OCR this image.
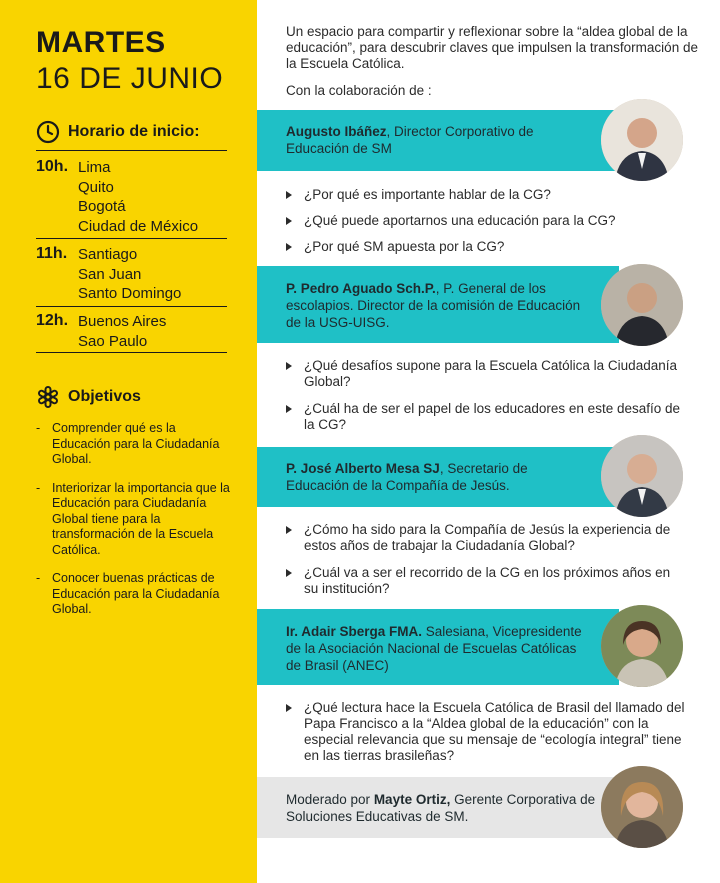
MARTES
16 DE JUNIO
Horario de inicio:
10h. Lima
Quito
Bogotá
Ciudad de México
11h. Santiago
San Juan
Santo Domingo
12h. Buenos Aires
Sao Paulo
Objetivos
- Comprender qué es la Educación para la Ciudadanía Global.
- Interiorizar la importancia que la Educación para Ciudadanía Global tiene para la transformación de la Escuela Católica.
- Conocer buenas prácticas de Educación para la Ciudadanía Global.
Un espacio para compartir y reflexionar sobre la “aldea global de la educación”, para descubrir claves que impulsen la transformación de la Escuela Católica.
Con la colaboración de :
Augusto Ibáñez, Director Corporativo de Educación de SM
¿Por qué es importante hablar de la CG?
¿Qué puede aportarnos una educación para la CG?
¿Por qué SM apuesta por la CG?
P. Pedro Aguado Sch.P., P. General de los escolapios. Director de la comisión de Educación de la USG-UISG.
¿Qué desafíos supone para la Escuela Católica la Ciudadanía Global?
¿Cuál ha de ser el papel de los educadores en este desafío de la CG?
P. José Alberto Mesa SJ, Secretario de Educación de la Compañía de Jesús.
¿Cómo ha sido para la Compañía de Jesús la experiencia de estos años de trabajar la Ciudadanía Global?
¿Cuál va a ser el recorrido de la CG en los próximos años en su institución?
Ir. Adair Sberga FMA. Salesiana, Vicepresidente de la Asociación Nacional de Escuelas Católicas de Brasil (ANEC)
¿Qué lectura hace la Escuela Católica de Brasil del llamado del Papa Francisco a la “Aldea global de la educación” con la especial relevancia que su mensaje de “ecología integral” tiene en las tierras brasileñas?
Moderado por Mayte Ortiz, Gerente Corporativa de Soluciones Educativas de SM.
